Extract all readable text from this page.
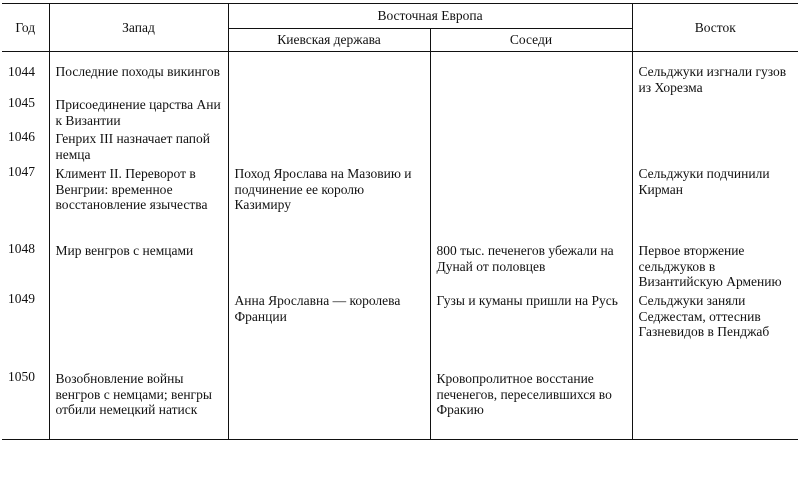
Год	Запад	Восточная Европа		Восток
		Киевская держава	Соседи	
1044	Последние походы викингов			Сельджуки изгнали гузов из Хорезма
1045	Присоединение царства Ани к Византии			
1046	Генрих III назначает папой немца			
1047	Климент II. Переворот в Венгрии: временное восстановление язычества	Поход Ярослава на Мазовию и подчинение ее королю Казимиру		Сельджуки подчинили Кирман
1048	Мир венгров с немцами		800 тыс. печенегов убежали на Дунай от половцев	Первое вторжение сельджуков в Византийскую Армению
1049		Анна Ярославна — королева Франции	Гузы и куманы пришли на Русь	Сельджуки заняли Седжестам, оттеснив Газневидов в Пенджаб
1050	Возобновление войны венгров с немцами; венгры отбили немецкий натиск		Кровопролитное восстание печенегов, переселившихся во Фракию	
